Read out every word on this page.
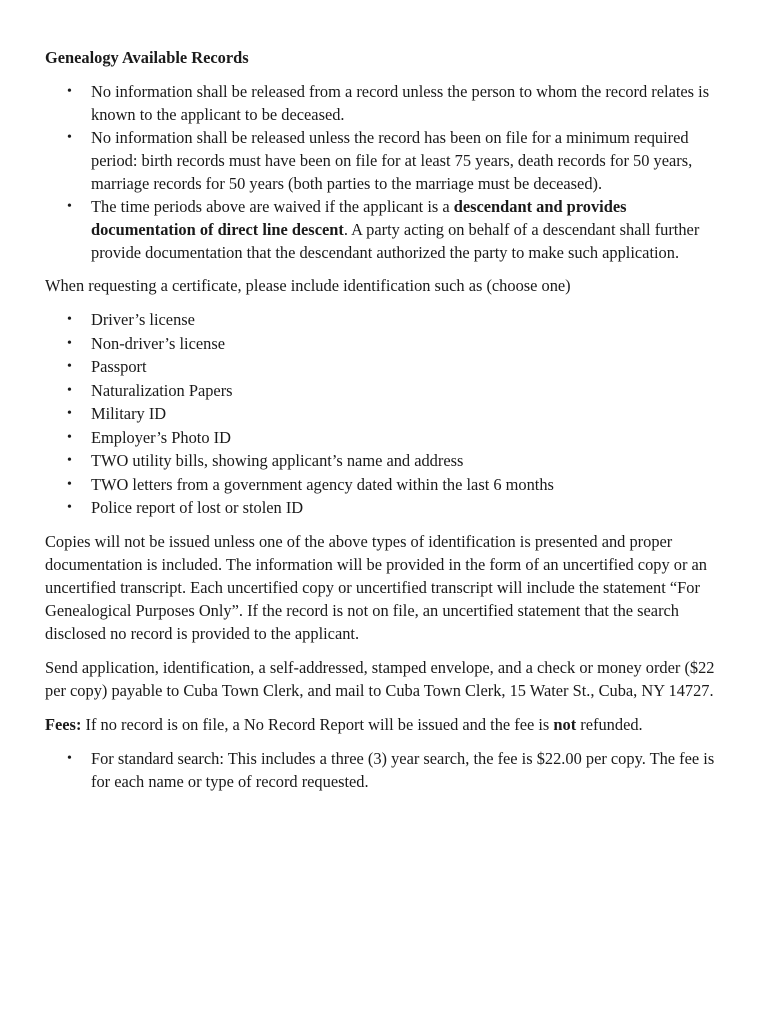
Genealogy Available Records

• No information shall be released from a record unless the person to whom the record relates is known to the applicant to be deceased.
• No information shall be released unless the record has been on file for a minimum required period: birth records must have been on file for at least 75 years, death records for 50 years, marriage records for 50 years (both parties to the marriage must be deceased).
• The time periods above are waived if the applicant is a descendant and provides documentation of direct line descent. A party acting on behalf of a descendant shall further provide documentation that the descendant authorized the party to make such application.

When requesting a certificate, please include identification such as (choose one)

• Driver’s license
• Non-driver’s license
• Passport
• Naturalization Papers
• Military ID
• Employer’s Photo ID
• TWO utility bills, showing applicant’s name and address
• TWO letters from a government agency dated within the last 6 months
• Police report of lost or stolen ID

Copies will not be issued unless one of the above types of identification is presented and proper documentation is included. The information will be provided in the form of an uncertified copy or an uncertified transcript. Each uncertified copy or uncertified transcript will include the statement “For Genealogical Purposes Only”. If the record is not on file, an uncertified statement that the search disclosed no record is provided to the applicant.

Send application, identification, a self-addressed, stamped envelope, and a check or money order ($22 per copy) payable to Cuba Town Clerk, and mail to Cuba Town Clerk, 15 Water St., Cuba, NY 14727.

Fees: If no record is on file, a No Record Report will be issued and the fee is not refunded.

• For standard search: This includes a three (3) year search, the fee is $22.00 per copy. The fee is for each name or type of record requested.
